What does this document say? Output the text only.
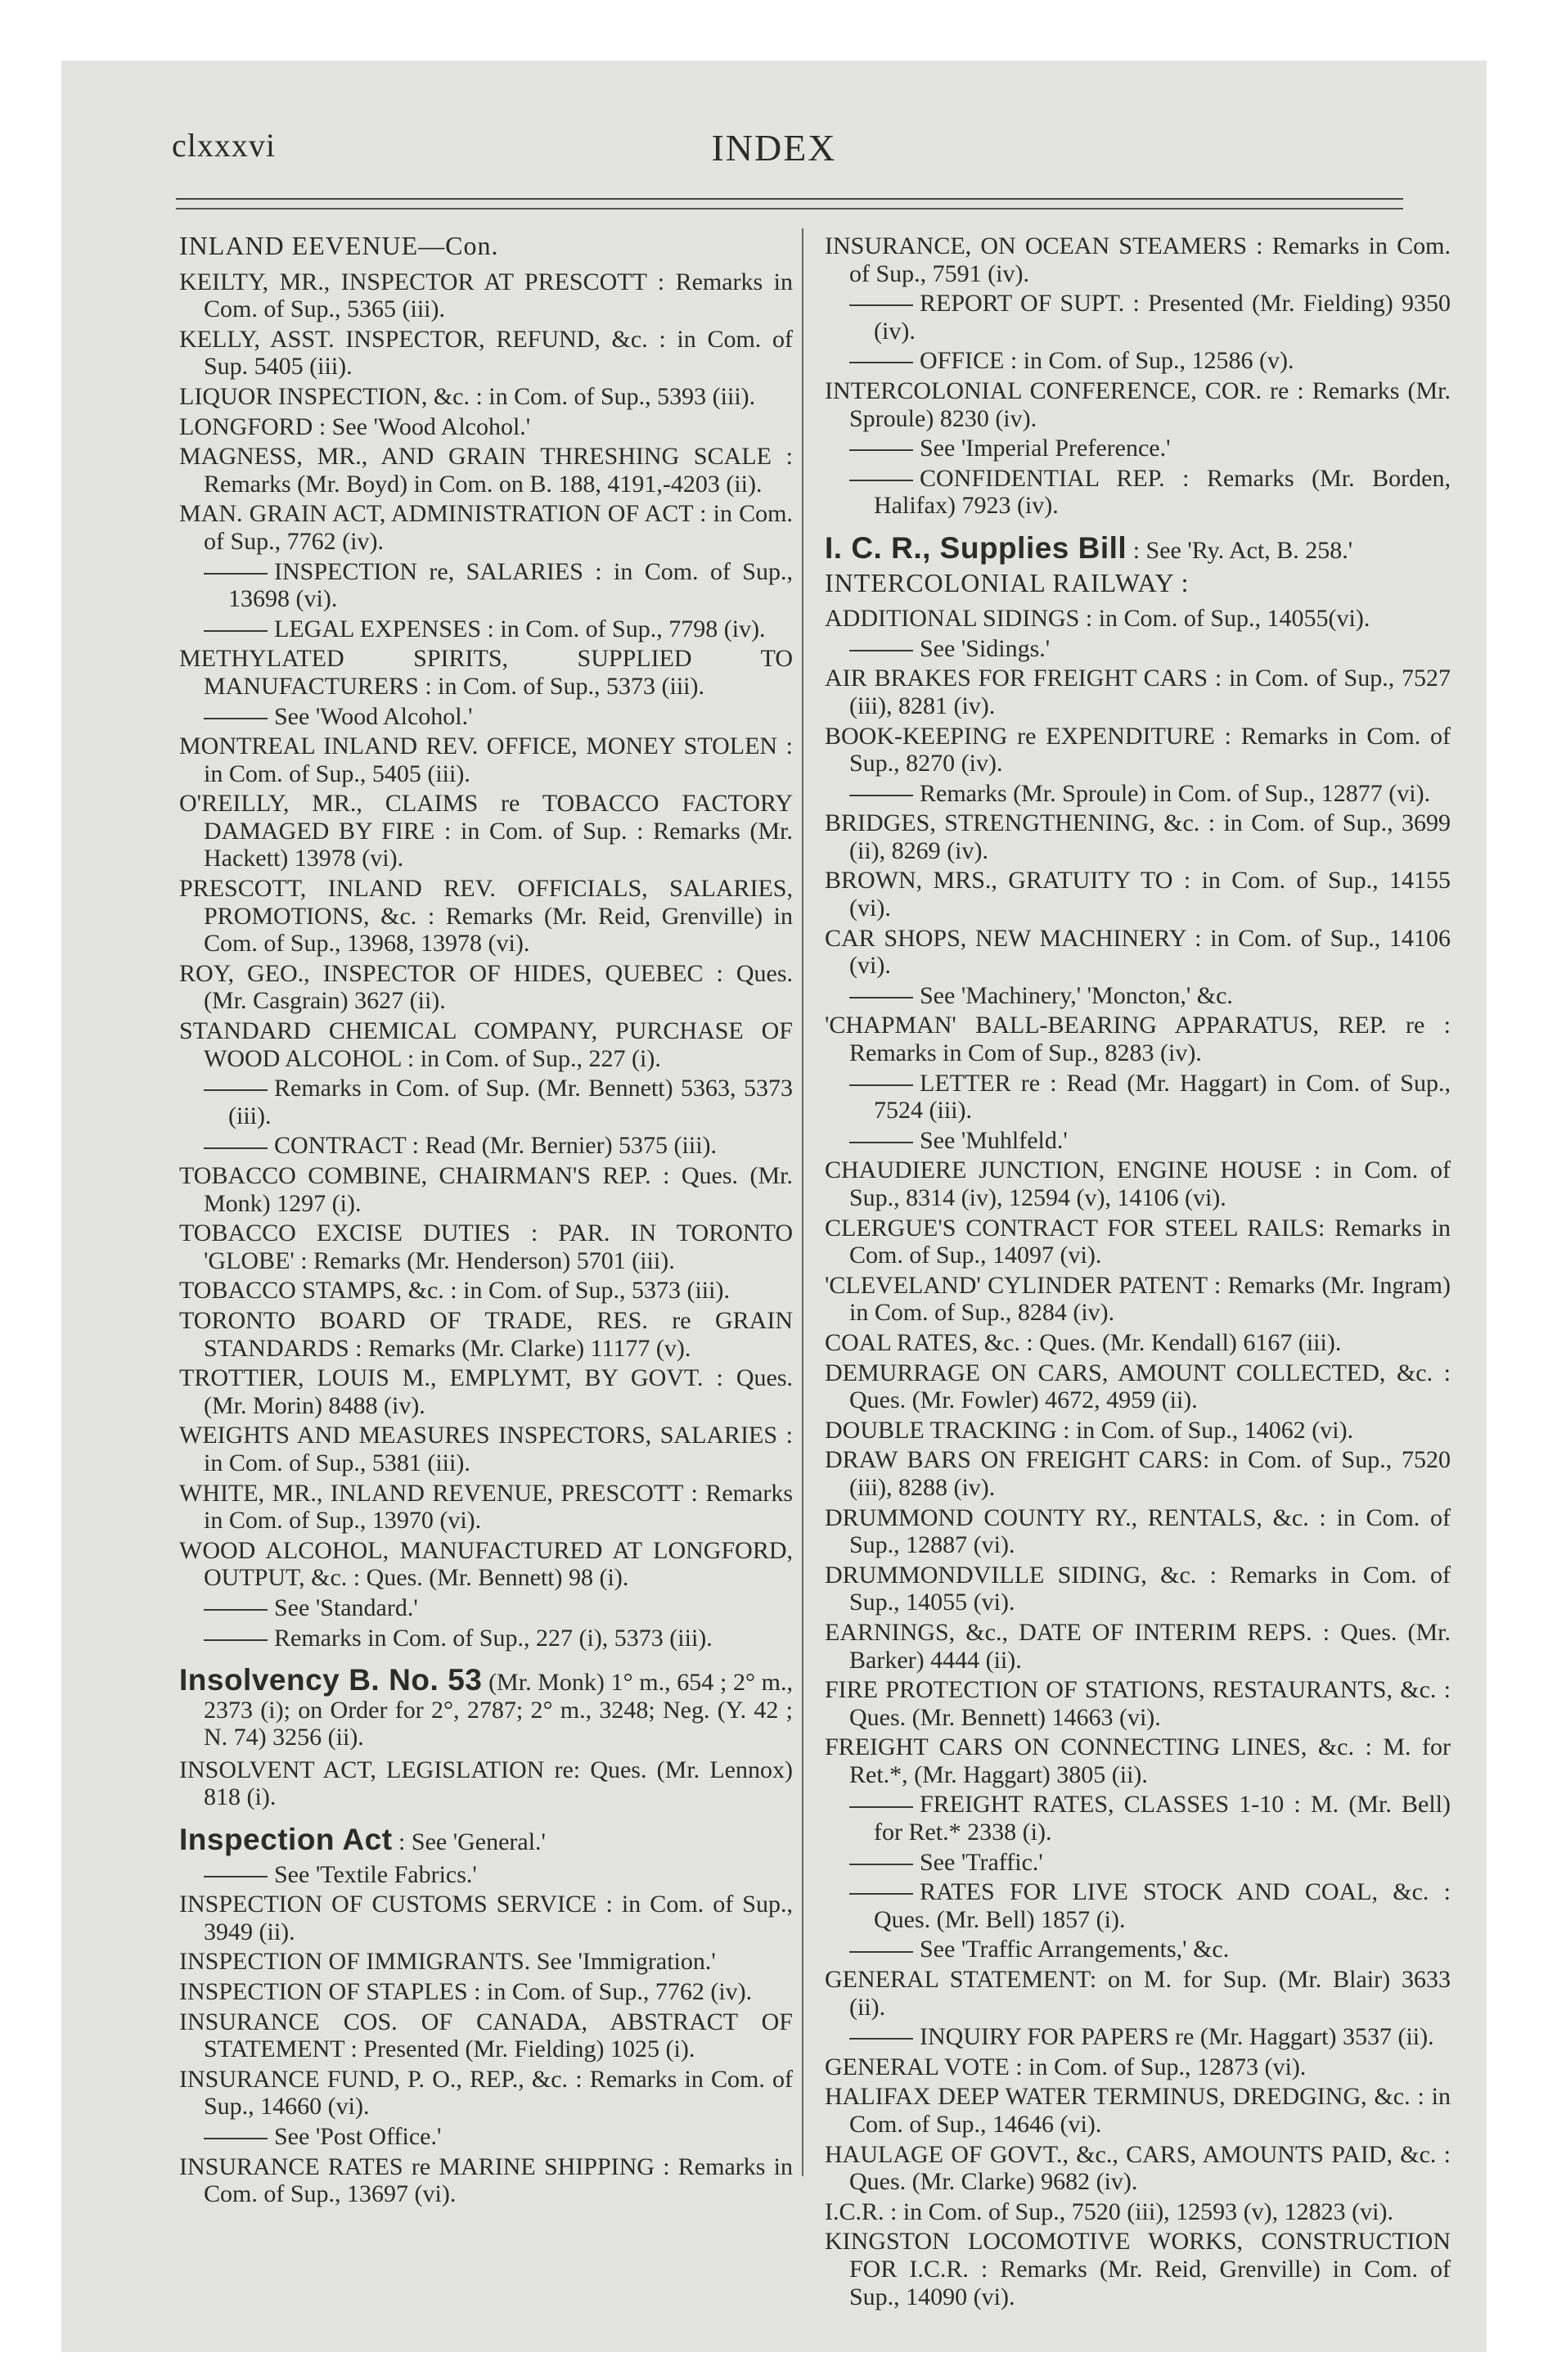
clxxxvi	INDEX
INLAND EEVENUE—Con.
KEILTY, MR., INSPECTOR AT PRESCOTT : Remarks in Com. of Sup., 5365 (iii).
KELLY, ASST. INSPECTOR, REFUND, &c. : in Com. of Sup. 5405 (iii).
LIQUOR INSPECTION, &c. : in Com. of Sup., 5393 (iii).
LONGFORD : See 'Wood Alcohol.'
MAGNESS, MR., AND GRAIN THRESHING SCALE : Remarks (Mr. Boyd) in Com. on B. 188, 4191,-4203 (ii).
MAN. GRAIN ACT, ADMINISTRATION OF ACT : in Com. of Sup., 7762 (iv).
INSPECTION re, SALARIES : in Com. of Sup., 13698 (vi).
LEGAL EXPENSES : in Com. of Sup., 7798 (iv).
METHYLATED SPIRITS, SUPPLIED TO MANUFACTURERS : in Com. of Sup., 5373 (iii).
See 'Wood Alcohol.'
MONTREAL INLAND REV. OFFICE, MONEY STOLEN : in Com. of Sup., 5405 (iii).
O'REILLY, MR., CLAIMS re TOBACCO FACTORY DAMAGED BY FIRE : in Com. of Sup. : Remarks (Mr. Hackett) 13978 (vi).
PRESCOTT, INLAND REV. OFFICIALS, SALARIES, PROMOTIONS, &c. : Remarks (Mr. Reid, Grenville) in Com. of Sup., 13968, 13978 (vi).
ROY, GEO., INSPECTOR OF HIDES, QUEBEC : Ques. (Mr. Casgrain) 3627 (ii).
STANDARD CHEMICAL COMPANY, PURCHASE OF WOOD ALCOHOL : in Com. of Sup., 227 (i).
Remarks in Com. of Sup. (Mr. Bennett) 5363, 5373 (iii).
CONTRACT : Read (Mr. Bernier) 5375 (iii).
TOBACCO COMBINE, CHAIRMAN'S REP. : Ques. (Mr. Monk) 1297 (i).
TOBACCO EXCISE DUTIES : PAR. IN TORONTO 'GLOBE' : Remarks (Mr. Henderson) 5701 (iii).
TOBACCO STAMPS, &c. : in Com. of Sup., 5373 (iii).
TORONTO BOARD OF TRADE, RES. re GRAIN STANDARDS : Remarks (Mr. Clarke) 11177 (v).
TROTTIER, LOUIS M., EMPLYMT, BY GOVT. : Ques. (Mr. Morin) 8488 (iv).
WEIGHTS AND MEASURES INSPECTORS, SALARIES : in Com. of Sup., 5381 (iii).
WHITE, MR., INLAND REVENUE, PRESCOTT : Remarks in Com. of Sup., 13970 (vi).
WOOD ALCOHOL, MANUFACTURED AT LONGFORD, OUTPUT, &c. : Ques. (Mr. Bennett) 98 (i).
See 'Standard.'
Remarks in Com. of Sup., 227 (i), 5373 (iii).
Insolvency B. No. 53 (Mr. Monk) 1° m., 654 ; 2° m., 2373 (i); on Order for 2°, 2787; 2° m., 3248; Neg. (Y. 42 ; N. 74) 3256 (ii).
INSOLVENT ACT, LEGISLATION re: Ques. (Mr. Lennox) 818 (i).
Inspection Act : See 'General.'
See 'Textile Fabrics.'
INSPECTION OF CUSTOMS SERVICE : in Com. of Sup., 3949 (ii).
INSPECTION OF IMMIGRANTS. See 'Immigration.'
INSPECTION OF STAPLES : in Com. of Sup., 7762 (iv).
INSURANCE COS. OF CANADA, ABSTRACT OF STATEMENT : Presented (Mr. Fielding) 1025 (i).
INSURANCE FUND, P. O., REP., &c. : Remarks in Com. of Sup., 14660 (vi).
See 'Post Office.'
INSURANCE RATES re MARINE SHIPPING : Remarks in Com. of Sup., 13697 (vi).
INSURANCE, ON OCEAN STEAMERS : Remarks in Com. of Sup., 7591 (iv).
REPORT OF SUPT. : Presented (Mr. Fielding) 9350 (iv).
OFFICE : in Com. of Sup., 12586 (v).
INTERCOLONIAL CONFERENCE, COR. re : Remarks (Mr. Sproule) 8230 (iv).
See 'Imperial Preference.'
CONFIDENTIAL REP. : Remarks (Mr. Borden, Halifax) 7923 (iv).
I. C. R., Supplies Bill : See 'Ry. Act, B. 258.'
INTERCOLONIAL RAILWAY :
ADDITIONAL SIDINGS : in Com. of Sup., 14055(vi).
See 'Sidings.'
AIR BRAKES FOR FREIGHT CARS : in Com. of Sup., 7527 (iii), 8281 (iv).
BOOK-KEEPING re EXPENDITURE : Remarks in Com. of Sup., 8270 (iv).
Remarks (Mr. Sproule) in Com. of Sup., 12877 (vi).
BRIDGES, STRENGTHENING, &c. : in Com. of Sup., 3699 (ii), 8269 (iv).
BROWN, MRS., GRATUITY TO : in Com. of Sup., 14155 (vi).
CAR SHOPS, NEW MACHINERY : in Com. of Sup., 14106 (vi).
See 'Machinery,' 'Moncton,' &c.
'CHAPMAN' BALL-BEARING APPARATUS, REP. re : Remarks in Com of Sup., 8283 (iv).
LETTER re : Read (Mr. Haggart) in Com. of Sup., 7524 (iii).
See 'Muhlfeld.'
CHAUDIERE JUNCTION, ENGINE HOUSE : in Com. of Sup., 8314 (iv), 12594 (v), 14106 (vi).
CLERGUE'S CONTRACT FOR STEEL RAILS: Remarks in Com. of Sup., 14097 (vi).
'CLEVELAND' CYLINDER PATENT : Remarks (Mr. Ingram) in Com. of Sup., 8284 (iv).
COAL RATES, &c. : Ques. (Mr. Kendall) 6167 (iii).
DEMURRAGE ON CARS, AMOUNT COLLECTED, &c. : Ques. (Mr. Fowler) 4672, 4959 (ii).
DOUBLE TRACKING : in Com. of Sup., 14062 (vi).
DRAW BARS ON FREIGHT CARS: in Com. of Sup., 7520 (iii), 8288 (iv).
DRUMMOND COUNTY RY., RENTALS, &c. : in Com. of Sup., 12887 (vi).
DRUMMONDVILLE SIDING, &c. : Remarks in Com. of Sup., 14055 (vi).
EARNINGS, &c., DATE OF INTERIM REPS. : Ques. (Mr. Barker) 4444 (ii).
FIRE PROTECTION OF STATIONS, RESTAURANTS, &c. : Ques. (Mr. Bennett) 14663 (vi).
FREIGHT CARS ON CONNECTING LINES, &c. : M. for Ret.*, (Mr. Haggart) 3805 (ii).
FREIGHT RATES, CLASSES 1-10 : M. (Mr. Bell) for Ret.* 2338 (i).
See 'Traffic.'
RATES FOR LIVE STOCK AND COAL, &c. : Ques. (Mr. Bell) 1857 (i).
See 'Traffic Arrangements,' &c.
GENERAL STATEMENT: on M. for Sup. (Mr. Blair) 3633 (ii).
INQUIRY FOR PAPERS re (Mr. Haggart) 3537 (ii).
GENERAL VOTE : in Com. of Sup., 12873 (vi).
HALIFAX DEEP WATER TERMINUS, DREDGING, &c. : in Com. of Sup., 14646 (vi).
HAULAGE OF GOVT., &c., CARS, AMOUNTS PAID, &c. : Ques. (Mr. Clarke) 9682 (iv).
I.C.R. : in Com. of Sup., 7520 (iii), 12593 (v), 12823 (vi).
KINGSTON LOCOMOTIVE WORKS, CONSTRUCTION FOR I.C.R. : Remarks (Mr. Reid, Grenville) in Com. of Sup., 14090 (vi).
